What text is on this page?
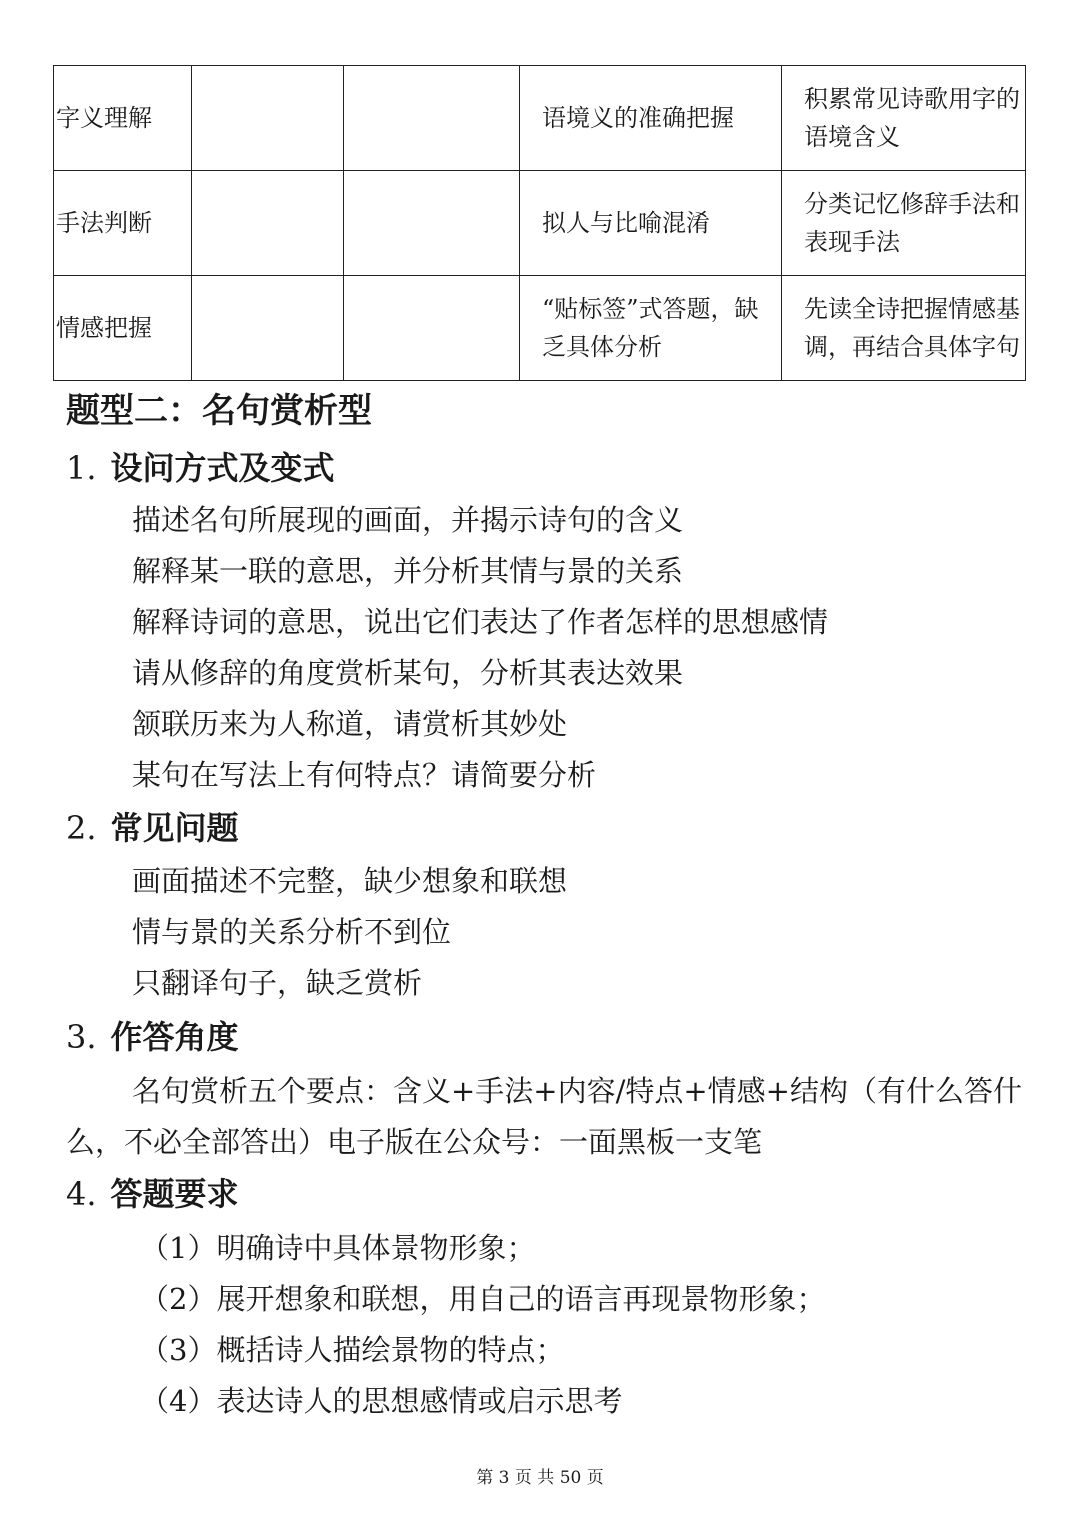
字义理解			语境义的准确把握	积累常见诗歌用字的语境含义
手法判断			拟人与比喻混淆	分类记忆修辞手法和表现手法
情感把握			“贴标签”式答题，缺乏具体分析	先读全诗把握情感基调，再结合具体字句
题型二：名句赏析型
1. 设问方式及变式
描述名句所展现的画面，并揭示诗句的含义
解释某一联的意思，并分析其情与景的关系
解释诗词的意思，说出它们表达了作者怎样的思想感情
请从修辞的角度赏析某句，分析其表达效果
颔联历来为人称道，请赏析其妙处
某句在写法上有何特点？请简要分析
2. 常见问题
画面描述不完整，缺少想象和联想
情与景的关系分析不到位
只翻译句子，缺乏赏析
3. 作答角度
名句赏析五个要点：含义+手法+内容/特点+情感+结构（有什么答什么，不必全部答出）电子版在公众号：一面黑板一支笔
4. 答题要求
（1）明确诗中具体景物形象；
（2）展开想象和联想，用自己的语言再现景物形象；
（3）概括诗人描绘景物的特点；
（4）表达诗人的思想感情或启示思考
第 3 页 共 50 页
